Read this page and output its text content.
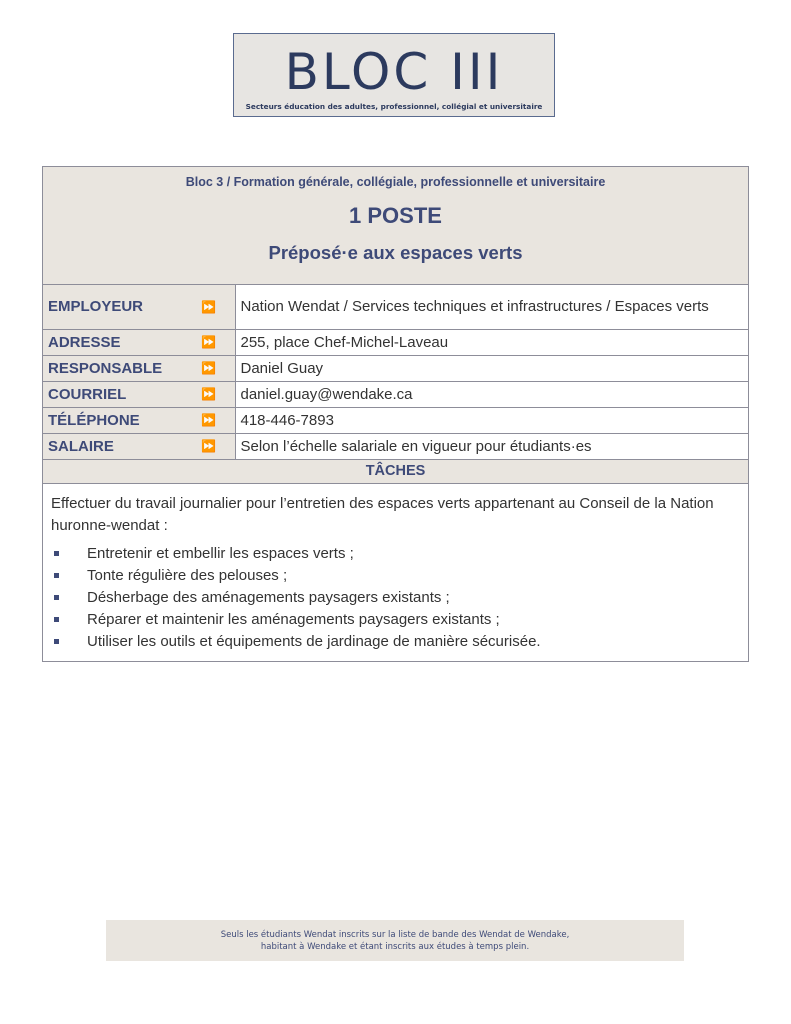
BLOC III
Secteurs éducation des adultes, professionnel, collégial et universitaire
Bloc 3 / Formation générale, collégiale, professionnelle et universitaire
1 POSTE
Préposé·e aux espaces verts
EMPLOYEUR	⏩	Nation Wendat / Services techniques et infrastructures / Espaces verts
ADRESSE	⏩	255, place Chef-Michel-Laveau
RESPONSABLE	⏩	Daniel Guay
COURRIEL	⏩	daniel.guay@wendake.ca
TÉLÉPHONE	⏩	418-446-7893
SALAIRE	⏩	Selon l’échelle salariale en vigueur pour étudiants·es
TÂCHES
Effectuer du travail journalier pour l’entretien des espaces verts appartenant au Conseil de la Nation huronne-wendat :
Entretenir et embellir les espaces verts ;
Tonte régulière des pelouses ;
Désherbage des aménagements paysagers existants ;
Réparer et maintenir les aménagements paysagers existants ;
Utiliser les outils et équipements de jardinage de manière sécurisée.
Seuls les étudiants Wendat inscrits sur la liste de bande des Wendat de Wendake,
habitant à Wendake et étant inscrits aux études à temps plein.
